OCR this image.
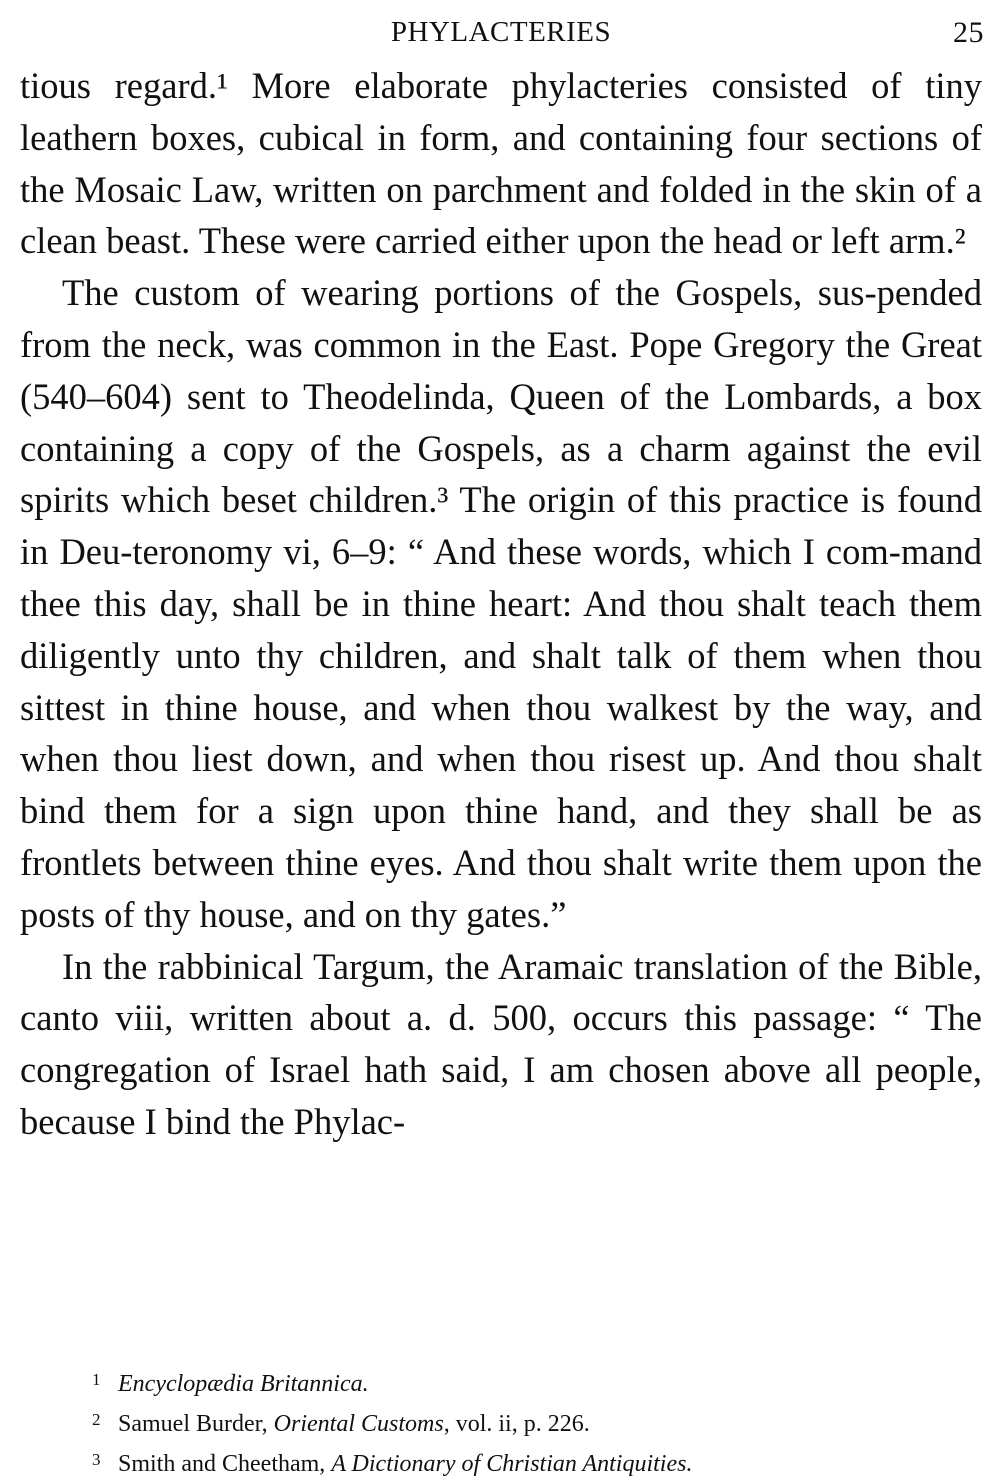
PHYLACTERIES	25

tious regard.¹ More elaborate phylacteries consisted of tiny leathern boxes, cubical in form, and containing four sections of the Mosaic Law, written on parchment and folded in the skin of a clean beast. These were carried either upon the head or left arm.²

The custom of wearing portions of the Gospels, sus-pended from the neck, was common in the East. Pope Gregory the Great (540–604) sent to Theodelinda, Queen of the Lombards, a box containing a copy of the Gospels, as a charm against the evil spirits which beset children.³ The origin of this practice is found in Deu-teronomy vi, 6–9: “ And these words, which I com-mand thee this day, shall be in thine heart: And thou shalt teach them diligently unto thy children, and shalt talk of them when thou sittest in thine house, and when thou walkest by the way, and when thou liest down, and when thou risest up. And thou shalt bind them for a sign upon thine hand, and they shall be as frontlets between thine eyes. And thou shalt write them upon the posts of thy house, and on thy gates.”

In the rabbinical Targum, the Aramaic translation of the Bible, canto viii, written about a. d. 500, occurs this passage: “ The congregation of Israel hath said, I am chosen above all people, because I bind the Phylac-

1 Encyclopædia Britannica.
2 Samuel Burder, Oriental Customs, vol. ii, p. 226.
3 Smith and Cheetham, A Dictionary of Christian Antiquities.
